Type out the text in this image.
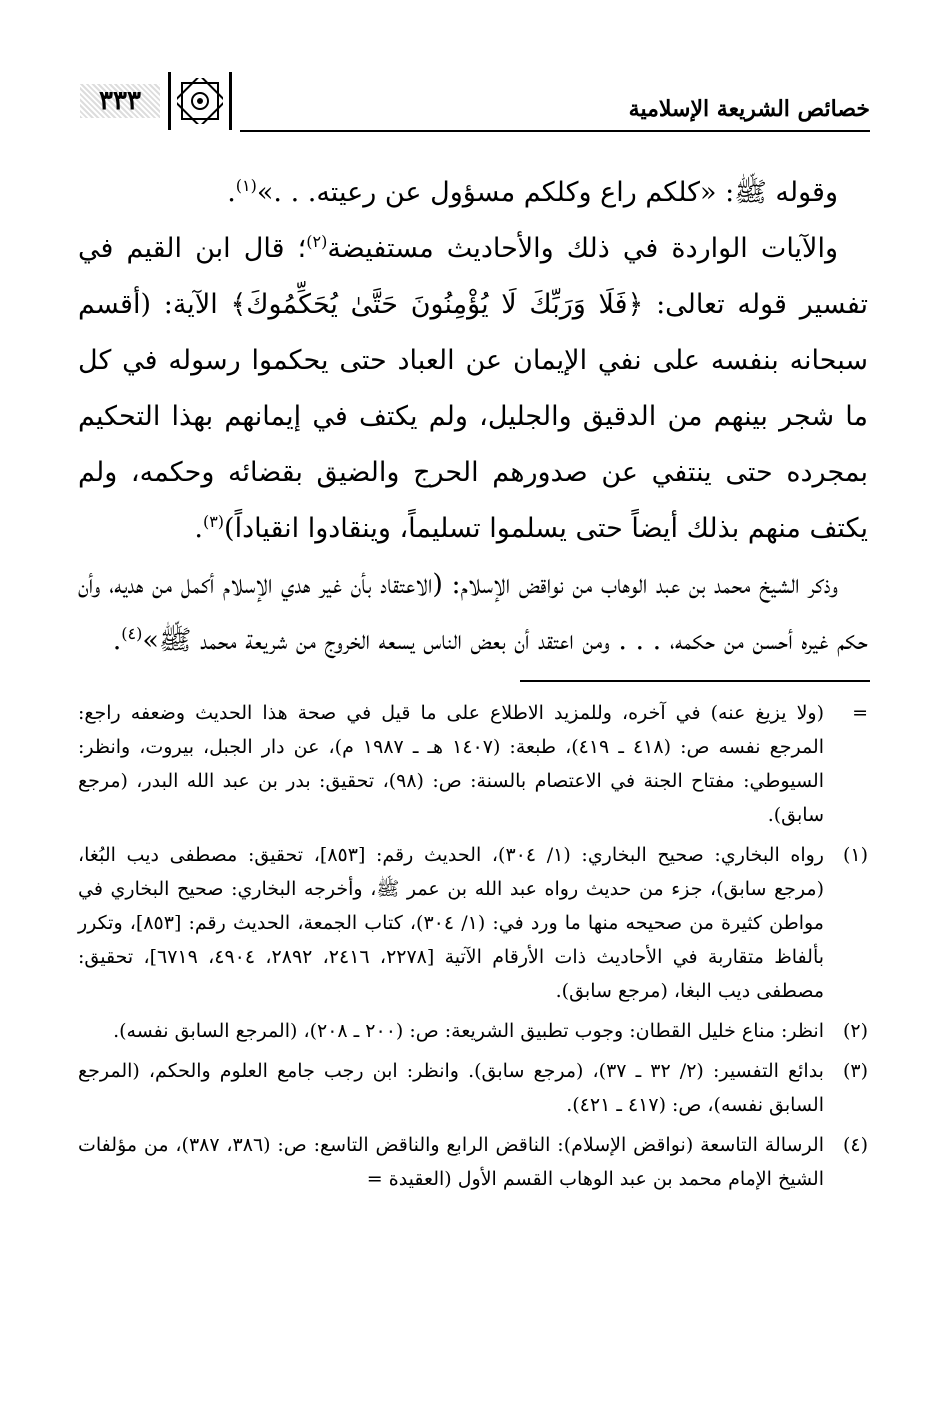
٣٣٣	خصائص الشريعة الإسلامية

وقوله ﷺ: «كلكم راع وكلكم مسؤول عن رعيته. . .»$^{(١)}$.

والآيات الواردة في ذلك والأحاديث مستفيضة$^{(٢)}$؛ قال ابن القيم في تفسير قوله تعالى: ﴿فَلَا وَرَبِّكَ لَا يُؤْمِنُونَ حَتَّىٰ يُحَكِّمُوكَ﴾ الآية: (أقسم سبحانه بنفسه على نفي الإيمان عن العباد حتى يحكموا رسوله في كل ما شجر بينهم من الدقيق والجليل، ولم يكتف في إيمانهم بهذا التحكيم بمجرده حتى ينتفي عن صدورهم الحرج والضيق بقضائه وحكمه، ولم يكتف منهم بذلك أيضاً حتى يسلموا تسليماً، وينقادوا انقياداً)$^{(٣)}$.

وذكر الشيخ محمد بن عبد الوهاب من نواقض الإسلام: (الاعتقاد بأن غير هدي الإسلام أكمل من هديه، وأن حكم غيره أحسن من حكمه، . . . ومن اعتقد أن بعض الناس يسعه الخروج من شريعة محمد ﷺ»$^{(٤)}$.

=
(ولا يزيغ عنه) في آخره، وللمزيد الاطلاع على ما قيل في صحة هذا الحديث وضعفه راجع: المرجع نفسه ص: (٤١٨ ـ ٤١٩)، طبعة: (١٤٠٧ هـ ـ ١٩٨٧ م)، عن دار الجبل، بيروت، وانظر: السيوطي: مفتاح الجنة في الاعتصام بالسنة: ص: (٩٨)، تحقيق: بدر بن عبد الله البدر، (مرجع سابق).
(١)
رواه البخاري: صحيح البخاري: (١/ ٣٠٤)، الحديث رقم: [٨٥٣]، تحقيق: مصطفى ديب البُغا، (مرجع سابق)، جزء من حديث رواه عبد الله بن عمر ﷺ، وأخرجه البخاري: صحيح البخاري في مواطن كثيرة من صحيحه منها ما ورد في: (١/ ٣٠٤)، كتاب الجمعة، الحديث رقم: [٨٥٣]، وتكرر بألفاظ متقاربة في الأحاديث ذات الأرقام الآتية [٢٢٧٨، ٢٤١٦، ٢٨٩٢، ٤٩٠٤، ٦٧١٩]، تحقيق: مصطفى ديب البغا، (مرجع سابق).
(٢)
انظر: مناع خليل القطان: وجوب تطبيق الشريعة: ص: (٢٠٠ ـ ٢٠٨)، (المرجع السابق نفسه).
(٣)
بدائع التفسير: (٢/ ٣٢ ـ ٣٧)، (مرجع سابق). وانظر: ابن رجب جامع العلوم والحكم، (المرجع السابق نفسه)، ص: (٤١٧ ـ ٤٢١).
(٤)
الرسالة التاسعة (نواقض الإسلام): الناقض الرابع والناقض التاسع: ص: (٣٨٦، ٣٨٧)، من مؤلفات الشيخ الإمام محمد بن عبد الوهاب القسم الأول (العقيدة =
